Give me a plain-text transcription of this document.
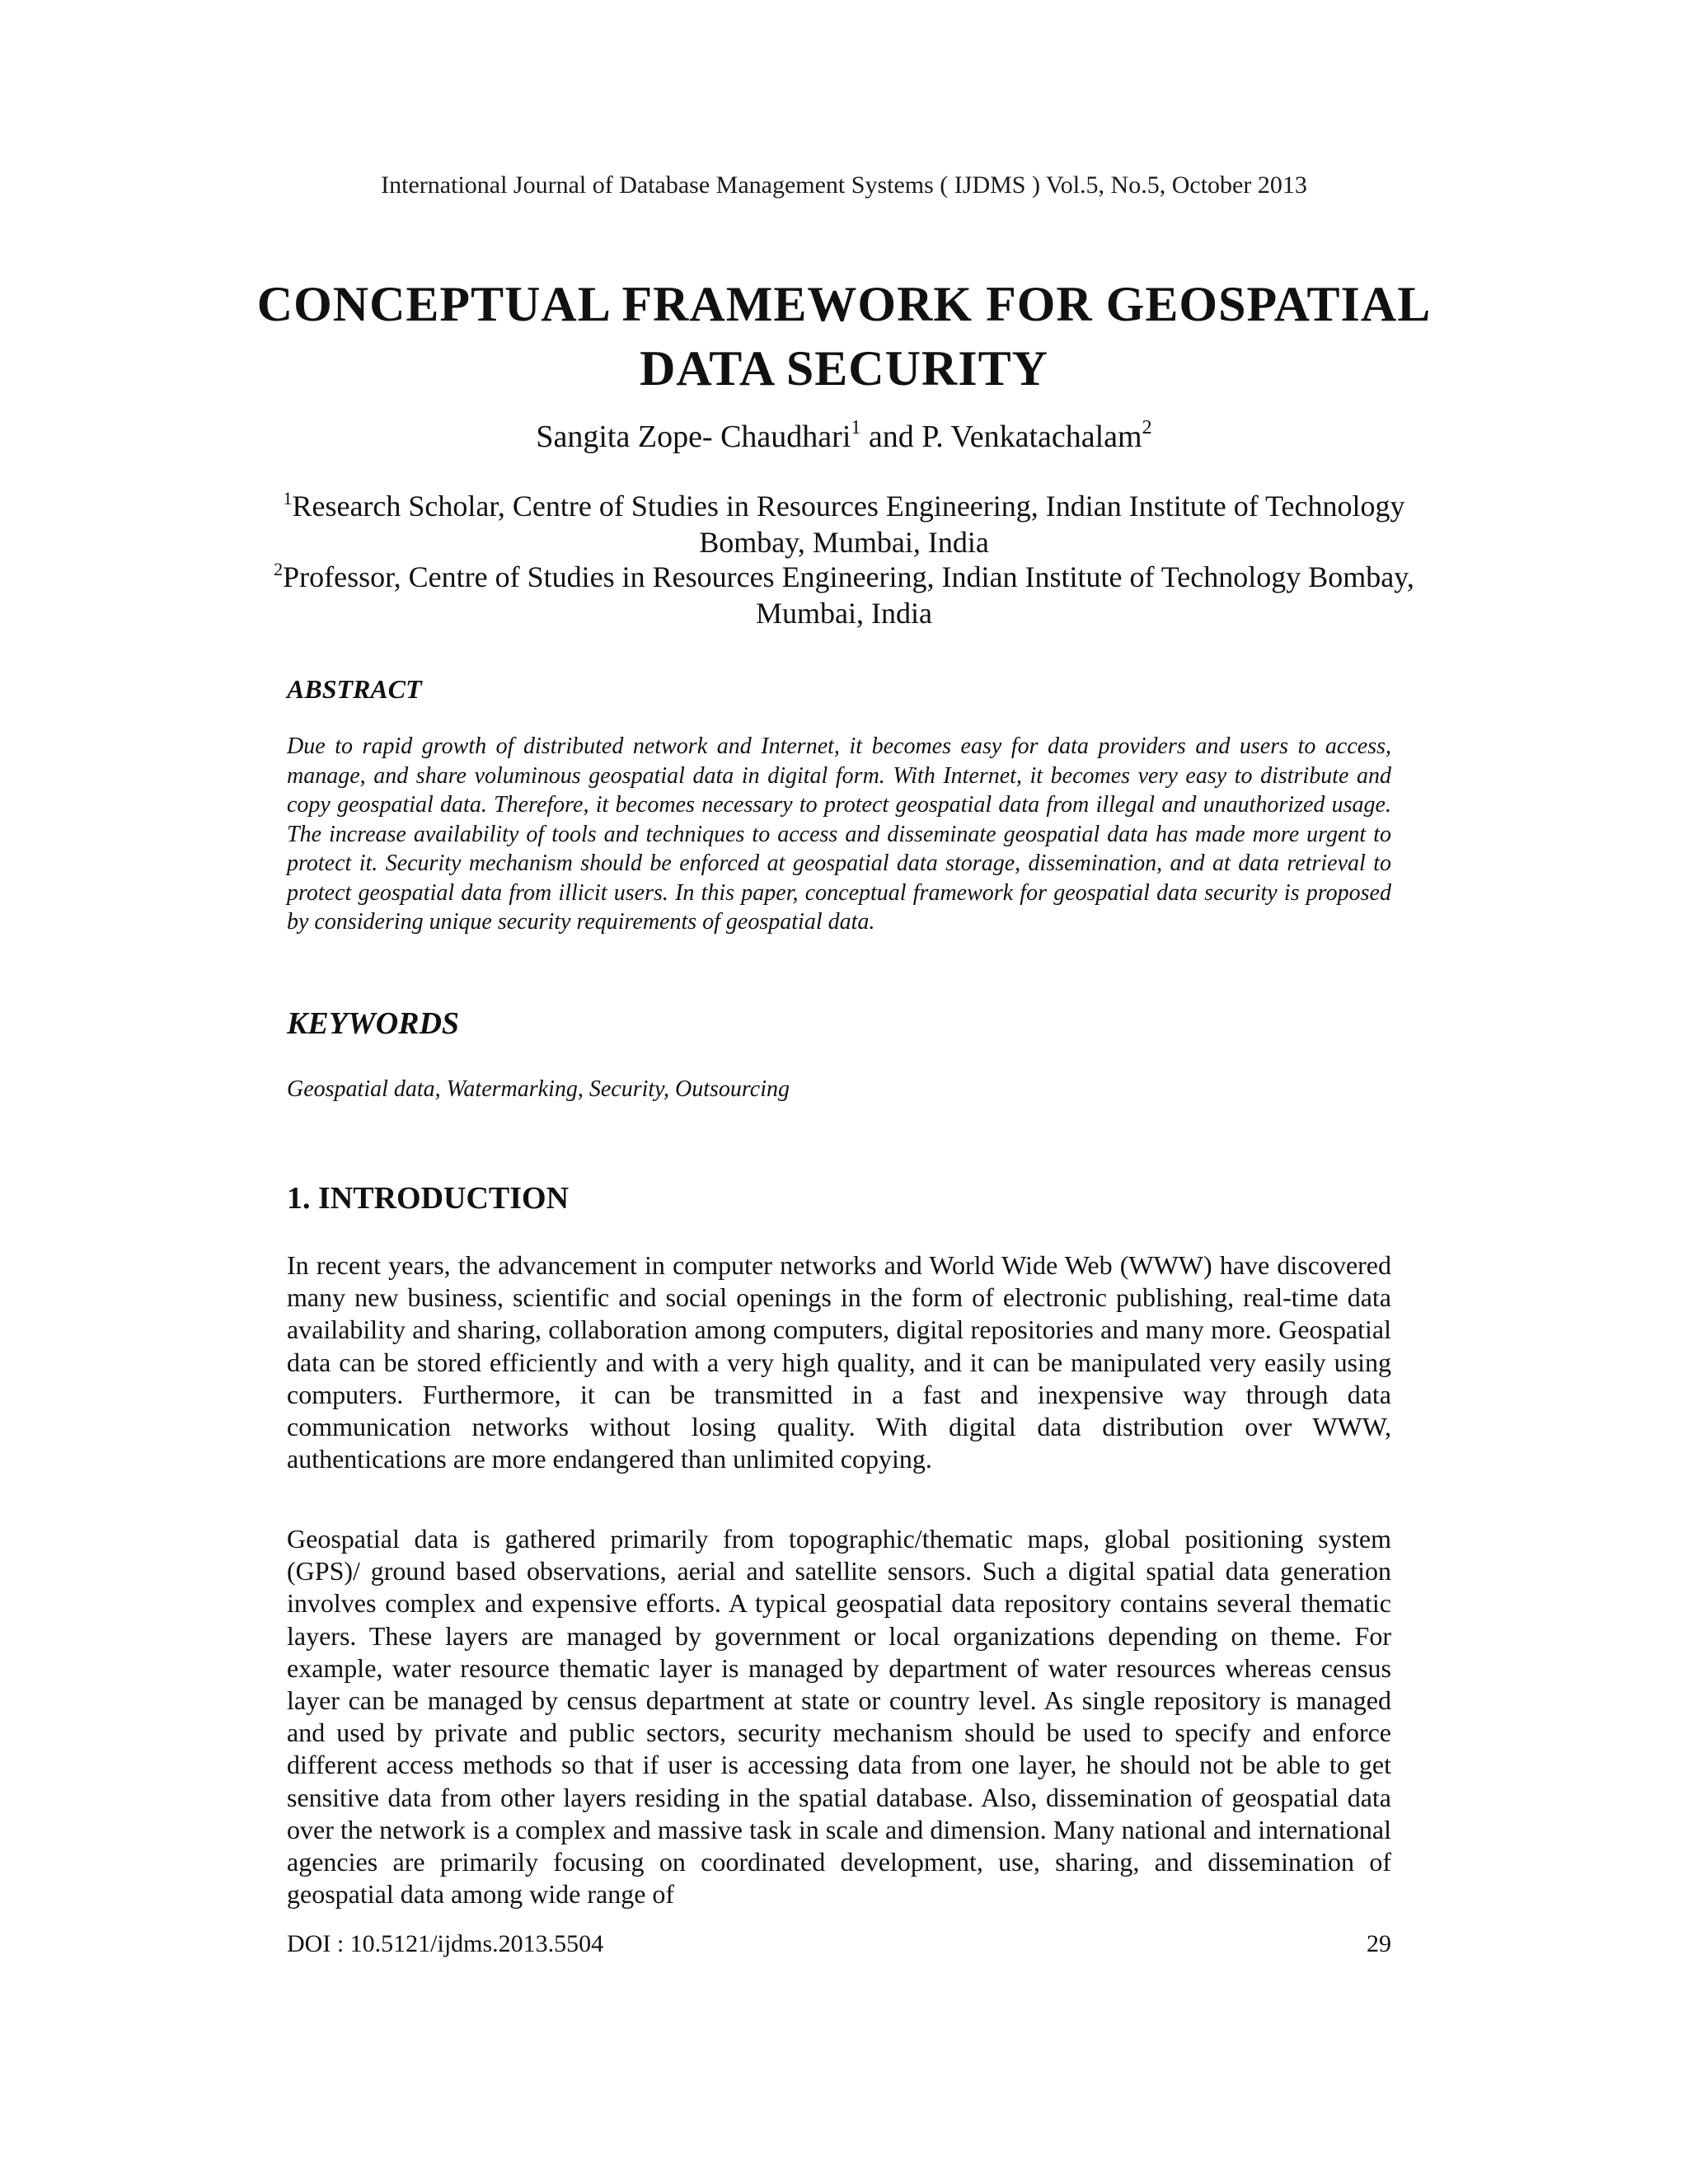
International Journal of Database Management Systems ( IJDMS ) Vol.5, No.5, October 2013
CONCEPTUAL FRAMEWORK FOR GEOSPATIAL
DATA SECURITY
Sangita Zope- Chaudhari$^1$ and P. Venkatachalam$^2$
$^1$Research Scholar, Centre of Studies in Resources Engineering, Indian Institute of Technology Bombay, Mumbai, India
$^2$Professor, Centre of Studies in Resources Engineering, Indian Institute of Technology Bombay, Mumbai, India
ABSTRACT
Due to rapid growth of distributed network and Internet, it becomes easy for data providers and users to access, manage, and share voluminous geospatial data in digital form. With Internet, it becomes very easy to distribute and copy geospatial data. Therefore, it becomes necessary to protect geospatial data from illegal and unauthorized usage. The increase availability of tools and techniques to access and disseminate geospatial data has made more urgent to protect it. Security mechanism should be enforced at geospatial data storage, dissemination, and at data retrieval to protect geospatial data from illicit users. In this paper, conceptual framework for geospatial data security is proposed by considering unique security requirements of geospatial data.
KEYWORDS
Geospatial data, Watermarking, Security, Outsourcing
1. INTRODUCTION

In recent years, the advancement in computer networks and World Wide Web (WWW) have discovered many new business, scientific and social openings in the form of electronic publishing, real-time data availability and sharing, collaboration among computers, digital repositories and many more. Geospatial data can be stored efficiently and with a very high quality, and it can be manipulated very easily using computers. Furthermore, it can be transmitted in a fast and inexpensive way through data communication networks without losing quality. With digital data distribution over WWW, authentications are more endangered than unlimited copying.

Geospatial data is gathered primarily from topographic/thematic maps, global positioning system (GPS)/ ground based observations, aerial and satellite sensors. Such a digital spatial data generation involves complex and expensive efforts. A typical geospatial data repository contains several thematic layers. These layers are managed by government or local organizations depending on theme. For example, water resource thematic layer is managed by department of water resources whereas census layer can be managed by census department at state or country level. As single repository is managed and used by private and public sectors, security mechanism should be used to specify and enforce different access methods so that if user is accessing data from one layer, he should not be able to get sensitive data from other layers residing in the spatial database. Also, dissemination of geospatial data over the network is a complex and massive task in scale and dimension. Many national and international agencies are primarily focusing on coordinated development, use, sharing, and dissemination of geospatial data among wide range of

DOI : 10.5121/ijdms.2013.5504	29
